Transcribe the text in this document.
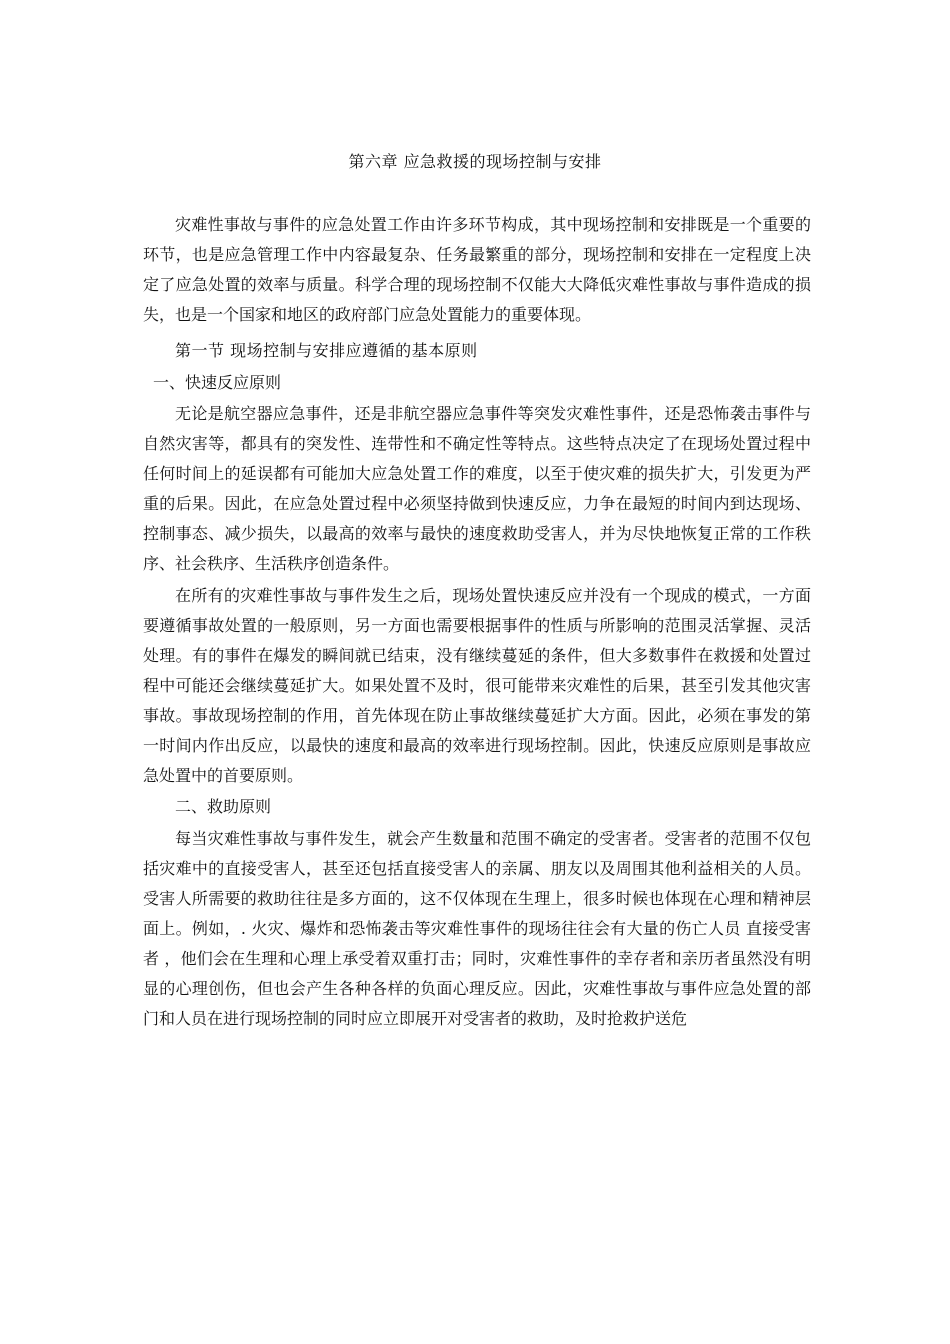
第六章 应急救援的现场控制与安排

灾难性事故与事件的应急处置工作由许多环节构成，其中现场控制和安排既是一个重要的环节，也是应急管理工作中内容最复杂、任务最繁重的部分，现场控制和安排在一定程度上决定了应急处置的效率与质量。科学合理的现场控制不仅能大大降低灾难性事故与事件造成的损失，也是一个国家和地区的政府部门应急处置能力的重要体现。

第一节 现场控制与安排应遵循的基本原则
一、快速反应原则

无论是航空器应急事件，还是非航空器应急事件等突发灾难性事件，还是恐怖袭击事件与自然灾害等，都具有的突发性、连带性和不确定性等特点。这些特点决定了在现场处置过程中任何时间上的延误都有可能加大应急处置工作的难度，以至于使灾难的损失扩大，引发更为严重的后果。因此，在应急处置过程中必须坚持做到快速反应，力争在最短的时间内到达现场、控制事态、减少损失，以最高的效率与最快的速度救助受害人，并为尽快地恢复正常的工作秩序、社会秩序、生活秩序创造条件。

在所有的灾难性事故与事件发生之后，现场处置快速反应并没有一个现成的模式，一方面要遵循事故处置的一般原则，另一方面也需要根据事件的性质与所影响的范围灵活掌握、灵活处理。有的事件在爆发的瞬间就已结束，没有继续蔓延的条件，但大多数事件在救援和处置过程中可能还会继续蔓延扩大。如果处置不及时，很可能带来灾难性的后果，甚至引发其他灾害事故。事故现场控制的作用，首先体现在防止事故继续蔓延扩大方面。因此，必须在事发的第一时间内作出反应，以最快的速度和最高的效率进行现场控制。因此，快速反应原则是事故应急处置中的首要原则。

二、救助原则

每当灾难性事故与事件发生，就会产生数量和范围不确定的受害者。受害者的范围不仅包括灾难中的直接受害人，甚至还包括直接受害人的亲属、朋友以及周围其他利益相关的人员。受害人所需要的救助往往是多方面的，这不仅体现在生理上，很多时候也体现在心理和精神层面上。例如，. 火灾、爆炸和恐怖袭击等灾难性事件的现场往往会有大量的伤亡人员 直接受害者 ，他们会在生理和心理上承受着双重打击；同时，灾难性事件的幸存者和亲历者虽然没有明显的心理创伤，但也会产生各种各样的负面心理反应。因此，灾难性事故与事件应急处置的部门和人员在进行现场控制的同时应立即展开对受害者的救助，及时抢救护送危
